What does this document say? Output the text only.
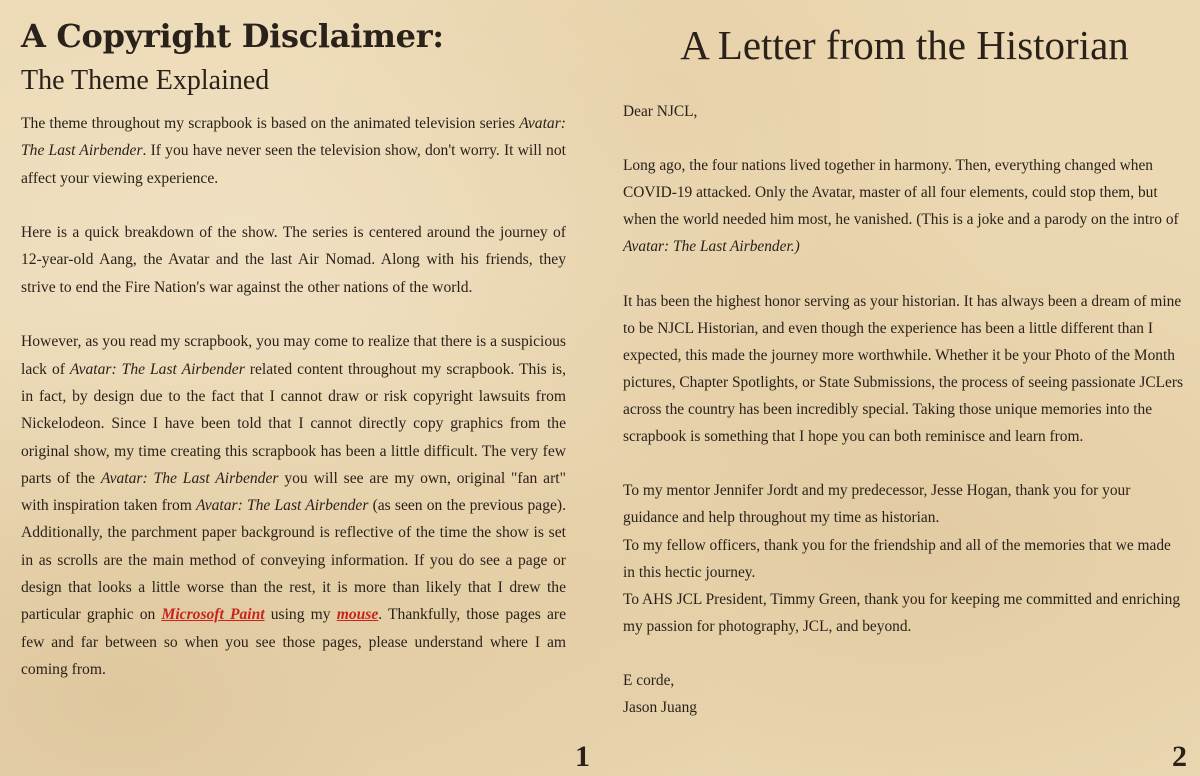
A Copyright Disclaimer:
The Theme Explained

The theme throughout my scrapbook is based on the animated television series Avatar: The Last Airbender. If you have never seen the television show, don't worry. It will not affect your viewing experience.

Here is a quick breakdown of the show. The series is centered around the journey of 12-year-old Aang, the Avatar and the last Air Nomad. Along with his friends, they strive to end the Fire Nation's war against the other nations of the world.

However, as you read my scrapbook, you may come to realize that there is a suspicious lack of Avatar: The Last Airbender related content throughout my scrapbook. This is, in fact, by design due to the fact that I cannot draw or risk copyright lawsuits from Nickelodeon. Since I have been told that I cannot directly copy graphics from the original show, my time creating this scrapbook has been a little difficult. The very few parts of the Avatar: The Last Airbender you will see are my own, original "fan art" with inspiration taken from Avatar: The Last Airbender (as seen on the previous page). Additionally, the parchment paper background is reflective of the time the show is set in as scrolls are the main method of conveying information. If you do see a page or design that looks a little worse than the rest, it is more than likely that I drew the particular graphic on Microsoft Paint using my mouse. Thankfully, those pages are few and far between so when you see those pages, please understand where I am coming from.

1
A Letter from the Historian

Dear NJCL,

Long ago, the four nations lived together in harmony. Then, everything changed when COVID-19 attacked. Only the Avatar, master of all four elements, could stop them, but when the world needed him most, he vanished. (This is a joke and a parody on the intro of Avatar: The Last Airbender.)

It has been the highest honor serving as your historian. It has always been a dream of mine to be NJCL Historian, and even though the experience has been a little different than I expected, this made the journey more worthwhile. Whether it be your Photo of the Month pictures, Chapter Spotlights, or State Submissions, the process of seeing passionate JCLers across the country has been incredibly special. Taking those unique memories into the scrapbook is something that I hope you can both reminisce and learn from.

To my mentor Jennifer Jordt and my predecessor, Jesse Hogan, thank you for your guidance and help throughout my time as historian.
To my fellow officers, thank you for the friendship and all of the memories that we made in this hectic journey.
To AHS JCL President, Timmy Green, thank you for keeping me committed and enriching my passion for photography, JCL, and beyond.

E corde,
Jason Juang
2
